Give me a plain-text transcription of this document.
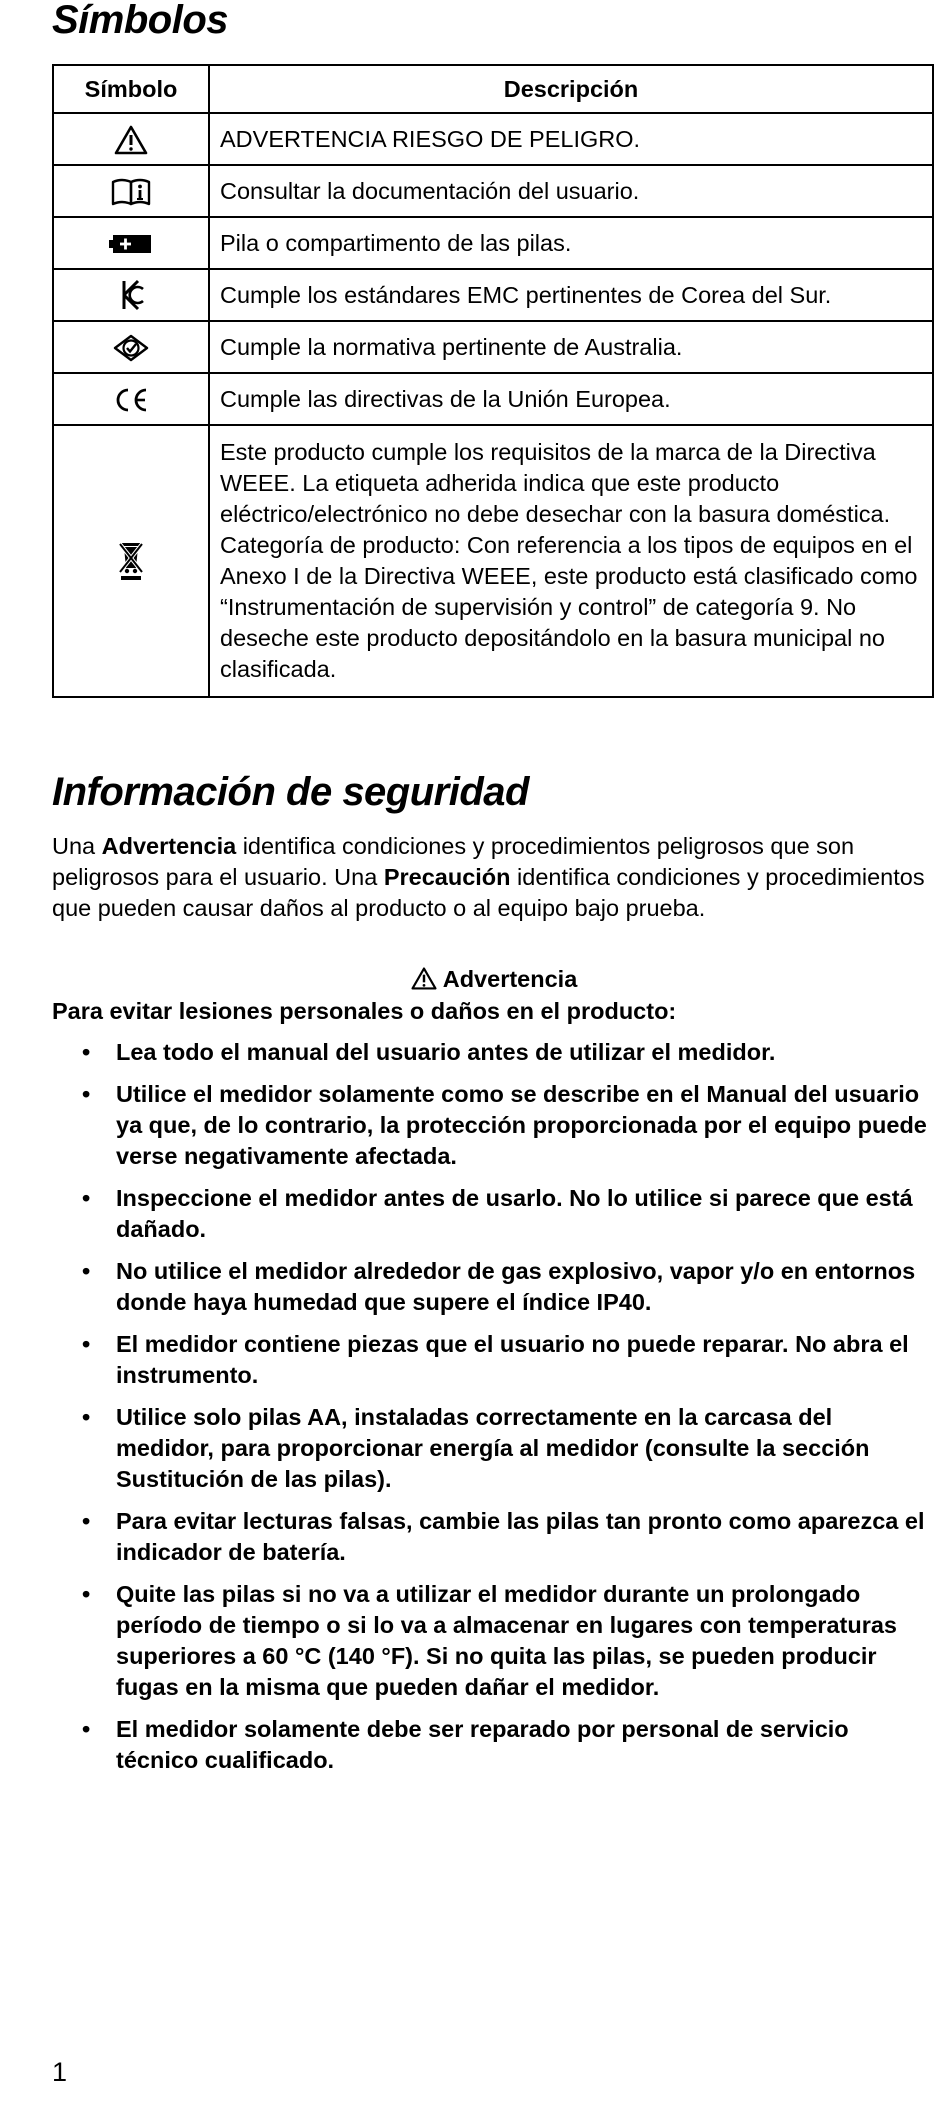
Símbolos
Símbolo	Descripción
	ADVERTENCIA RIESGO DE PELIGRO.
	Consultar la documentación del usuario.
	Pila o compartimento de las pilas.
	Cumple los estándares EMC pertinentes de Corea del Sur.
	Cumple la normativa pertinente de Australia.
	Cumple las directivas de la Unión Europea.
	Este producto cumple los requisitos de la marca de la Directiva WEEE. La etiqueta adherida indica que este producto eléctrico/electrónico no debe desechar con la basura doméstica. Categoría de producto: Con referencia a los tipos de equipos en el Anexo I de la Directiva WEEE, este producto está clasificado como “Instrumentación de supervisión y control” de categoría 9. No deseche este producto depositándolo en la basura municipal no clasificada.
Información de seguridad

Una Advertencia identifica condiciones y procedimientos peligrosos que son peligrosos para el usuario. Una Precaución identifica condiciones y procedimientos que pueden causar daños al producto o al equipo bajo prueba.

Advertencia
Para evitar lesiones personales o daños en el producto:
• Lea todo el manual del usuario antes de utilizar el medidor.
• Utilice el medidor solamente como se describe en el Manual del usuario ya que, de lo contrario, la protección proporcionada por el equipo puede verse negativamente afectada.
• Inspeccione el medidor antes de usarlo. No lo utilice si parece que está dañado.
• No utilice el medidor alrededor de gas explosivo, vapor y/o en entornos donde haya humedad que supere el índice IP40.
• El medidor contiene piezas que el usuario no puede reparar. No abra el instrumento.
• Utilice solo pilas AA, instaladas correctamente en la carcasa del medidor, para proporcionar energía al medidor (consulte la sección Sustitución de las pilas).
• Para evitar lecturas falsas, cambie las pilas tan pronto como aparezca el indicador de batería.
• Quite las pilas si no va a utilizar el medidor durante un prolongado período de tiempo o si lo va a almacenar en lugares con temperaturas superiores a 60 °C (140 °F). Si no quita las pilas, se pueden producir fugas en la misma que pueden dañar el medidor.
• El medidor solamente debe ser reparado por personal de servicio técnico cualificado.
1
